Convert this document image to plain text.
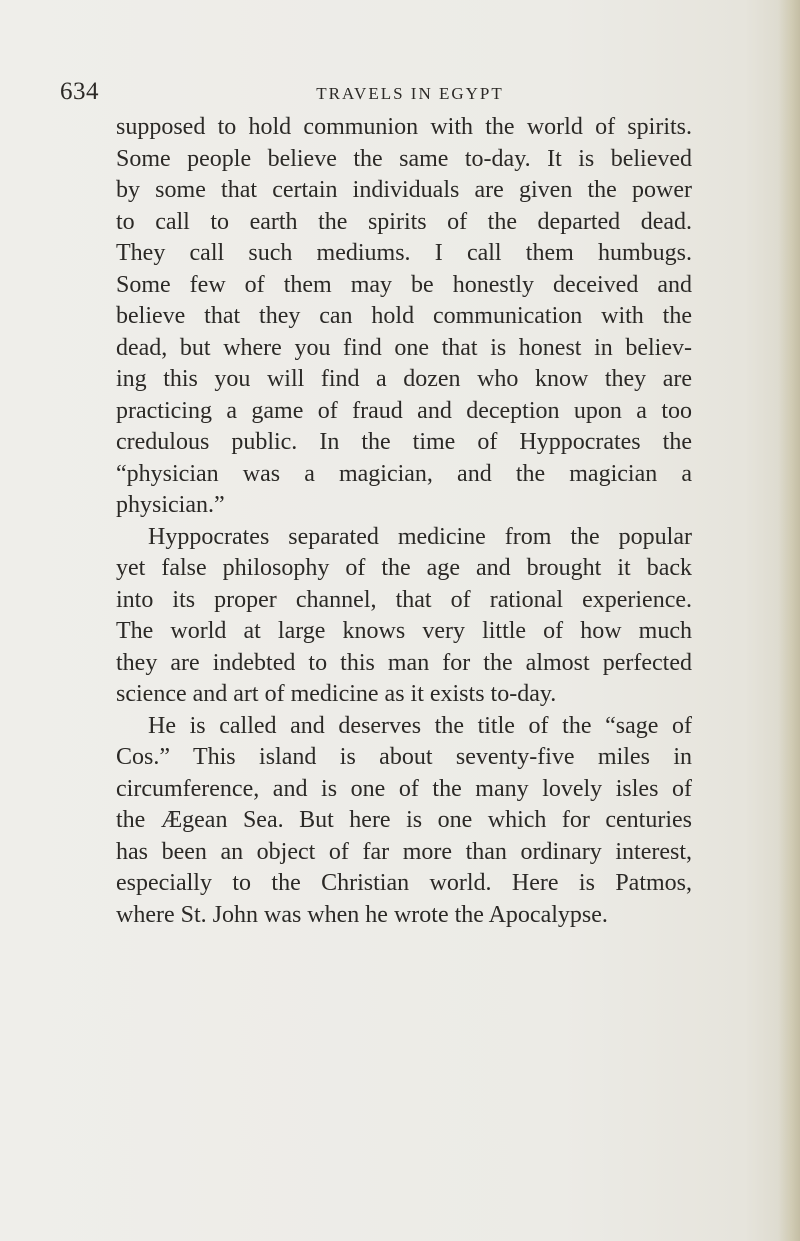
634	TRAVELS IN EGYPT
supposed to hold communion with the world of spirits.
Some people believe the same to-day. It is believed
by some that certain individuals are given the power
to call to earth the spirits of the departed dead.
They call such mediums. I call them humbugs.
Some few of them may be honestly deceived and
believe that they can hold communication with the
dead, but where you find one that is honest in believ-
ing this you will find a dozen who know they are
practicing a game of fraud and deception upon a too
credulous public. In the time of Hyppocrates the
“physician was a magician, and the magician a
physician.”
Hyppocrates separated medicine from the popular
yet false philosophy of the age and brought it back
into its proper channel, that of rational experience.
The world at large knows very little of how much
they are indebted to this man for the almost perfected
science and art of medicine as it exists to-day.
He is called and deserves the title of the “sage of
Cos.” This island is about seventy-five miles in
circumference, and is one of the many lovely isles of
the Ægean Sea. But here is one which for centuries
has been an object of far more than ordinary interest,
especially to the Christian world. Here is Patmos,
where St. John was when he wrote the Apocalypse.
